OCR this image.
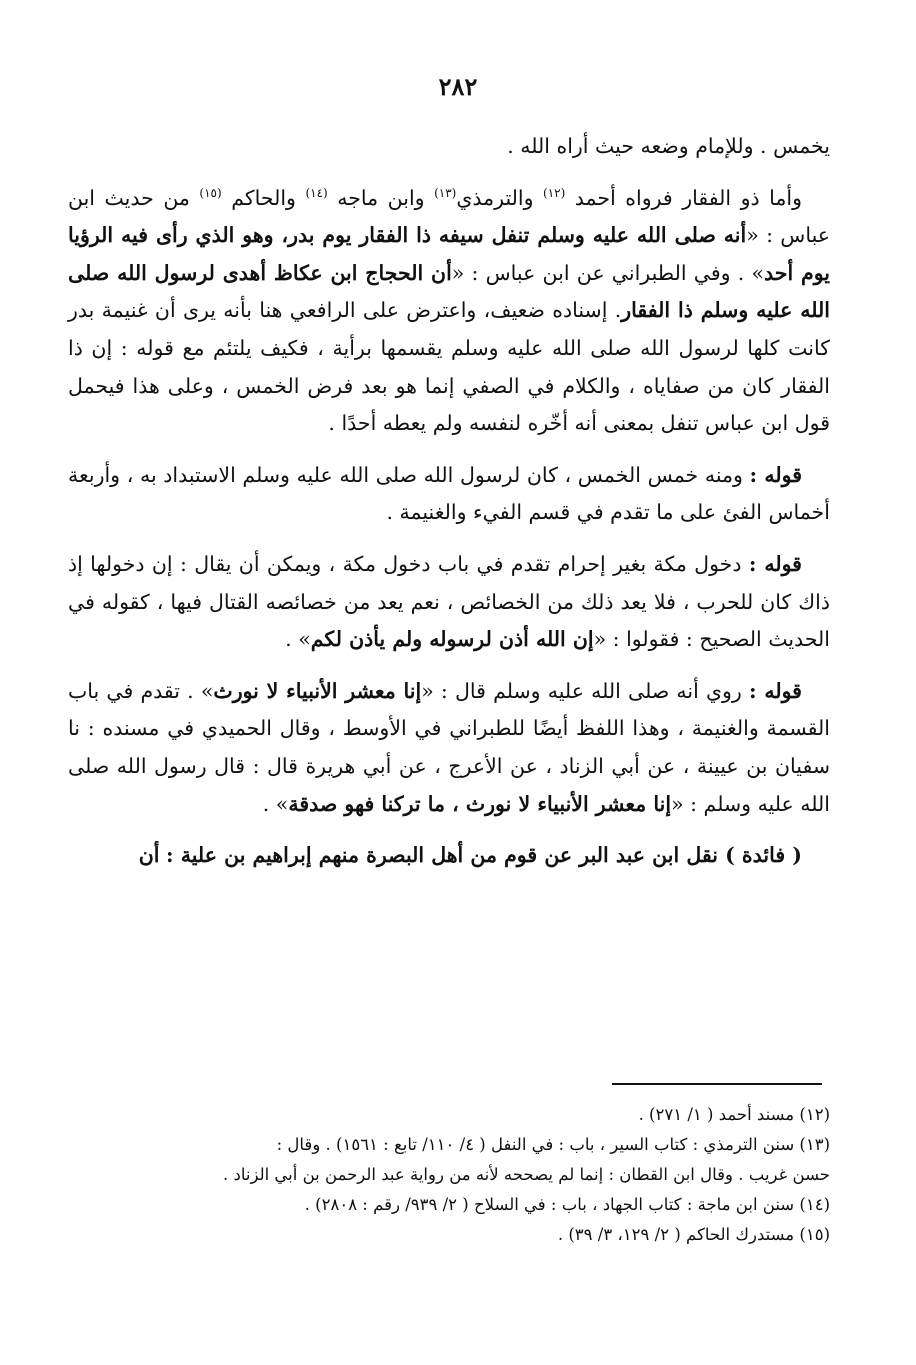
٢٨٢

يخمس . وللإمام وضعه حيث أراه الله .

وأما ذو الفقار فرواه أحمد $^{(١٢)}$ والترمذي$^{(١٣)}$ وابن ماجه $^{(١٤)}$ والحاكم $^{(١٥)}$ من حديث ابن عباس : «أنه صلى الله عليه وسلم تنفل سيفه ذا الفقار يوم بدر، وهو الذي رأى فيه الرؤيا يوم أحد» . وفي الطبراني عن ابن عباس : «أن الحجاج ابن عكاظ أهدى لرسول الله صلى الله عليه وسلم ذا الفقار. إسناده ضعيف، واعترض على الرافعي هنا بأنه يرى أن غنيمة بدر كانت كلها لرسول الله صلى الله عليه وسلم يقسمها برأية ، فكيف يلتئم مع قوله : إن ذا الفقار كان من صفاياه ، والكلام في الصفي إنما هو بعد فرض الخمس ، وعلى هذا فيحمل قول ابن عباس تنفل بمعنى أنه أخّره لنفسه ولم يعطه أحدًا .

قوله : ومنه خمس الخمس ، كان لرسول الله صلى الله عليه وسلم الاستبداد به ، وأربعة أخماس الفئ على ما تقدم في قسم الفيء والغنيمة .

قوله : دخول مكة بغير إحرام تقدم في باب دخول مكة ، ويمكن أن يقال : إن دخولها إذ ذاك كان للحرب ، فلا يعد ذلك من الخصائص ، نعم يعد من خصائصه القتال فيها ، كقوله في الحديث الصحيح : فقولوا : «إن الله أذن لرسوله ولم يأذن لكم» .

قوله : روي أنه صلى الله عليه وسلم قال : «إنا معشر الأنبياء لا نورث» . تقدم في باب القسمة والغنيمة ، وهذا اللفظ أيضًا للطبراني في الأوسط ، وقال الحميدي في مسنده : نا سفيان بن عيينة ، عن أبي الزناد ، عن الأعرج ، عن أبي هريرة قال : قال رسول الله صلى الله عليه وسلم : «إنا معشر الأنبياء لا نورث ، ما تركنا فهو صدقة» .

( فائدة ) نقل ابن عبد البر عن قوم من أهل البصرة منهم إبراهيم بن علية : أن

(١٢) مسند أحمد ( ١/ ٢٧١) .
(١٣) سنن الترمذي : كتاب السير ، باب : في النفل ( ٤/ ١١٠/ تابع : ١٥٦١) . وقال :
حسن غريب . وقال ابن القطان : إنما لم يصححه لأنه من رواية عبد الرحمن بن أبي الزناد .
(١٤) سنن ابن ماجة : كتاب الجهاد ، باب : في السلاح ( ٢/ ٩٣٩/ رقم : ٢٨٠٨) .
(١٥) مستدرك الحاكم ( ٢/ ١٢٩، ٣/ ٣٩) .
